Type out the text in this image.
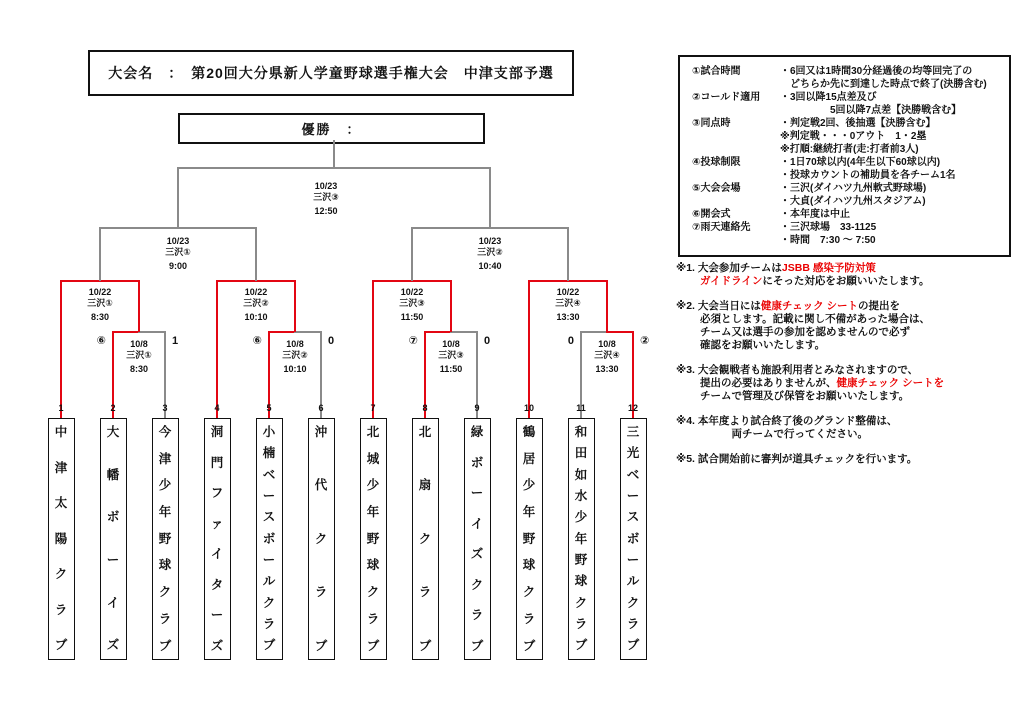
大会名　：　第20回大分県新人学童野球選手権大会　中津支部予選
優勝　：
10/8
三沢①
8:30
⑥	1	10/8
三沢②
10:10
⑥	0	10/8
三沢③
11:50
⑦	0	10/8
三沢④
13:30
0	②
10/22
三沢①
8:30
10/22
三沢②
10:10
10/22
三沢③
11:50
10/22
三沢④
13:30
10/23
三沢①
9:00
10/23
三沢②
10:40
10/23
三沢③
12:50
1
中
津
太
陽
ク
ラ
ブ
2
大
幡
ボ
ー
イ
ズ
3
今
津
少
年
野
球
ク
ラ
ブ
4
洞
門
フ
ァ
イ
タ
ー
ズ
5
小
楠
ベ
ー
ス
ボ
ー
ル
ク
ラ
ブ
6
沖
代
ク
ラ
ブ
7
北
城
少
年
野
球
ク
ラ
ブ
8
北
扇
ク
ラ
ブ
9
緑
ボ
ー
イ
ズ
ク
ラ
ブ
10
鶴
居
少
年
野
球
ク
ラ
ブ
11
和
田
如
水
少
年
野
球
ク
ラ
ブ
12
三
光
ベ
ー
ス
ボ
ー
ル
ク
ラ
ブ
①試合時間	・6回又は1時間30分経過後の均等回完了の
　どちらか先に到達した時点で終了(決勝含む)
②コールド適用	・3回以降15点差及び
　　　　　5回以降7点差【決勝戦含む】
③同点時	・判定戦2回、後抽選【決勝含む】
※判定戦・・・0アウト　1・2塁
※打順:継続打者(走:打者前3人)
④投球制限	・1日70球以内(4年生以下60球以内)
・投球カウントの補助員を各チーム1名
⑤大会会場	・三沢(ダイハツ九州軟式野球場)
・大貞(ダイハツ九州スタジアム)
⑥開会式	・本年度は中止
⑦雨天連絡先	・三沢球場　33-1125
・時間　7:30 ～ 7:50
※1. 大会参加チームはJSBB 感染予防対策
ガイドラインにそった対応をお願いいたします。
※2. 大会当日には健康チェック シートの提出を
必須とします。記載に関し不備があった場合は、
チーム又は選手の参加を認めませんので必ず
確認をお願いいたします。
※3. 大会観戦者も施設利用者とみなされますので、
提出の必要はありませんが、健康チェック シートを
チームで管理及び保管をお願いいたします。
※4. 本年度より試合終了後のグランド整備は、
　　　両チームで行ってください。
※5. 試合開始前に審判が道具チェックを行います。
